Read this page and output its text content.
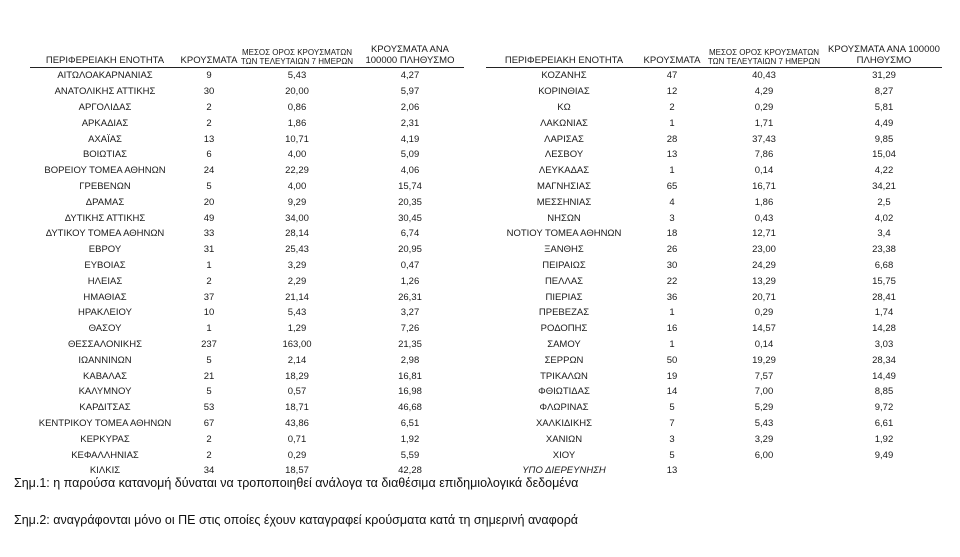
ΠΕΡΙΦΕΡΕΙΑΚΗ ΕΝΟΤΗΤΑ	ΚΡΟΥΣΜΑΤΑ	ΜΕΣΟΣ ΟΡΟΣ ΚΡΟΥΣΜΑΤΩΝ ΤΩΝ ΤΕΛΕΥΤΑΙΩΝ 7 ΗΜΕΡΩΝ	ΚΡΟΥΣΜΑΤΑ ΑΝΑ 100000 ΠΛΗΘΥΣΜΟ
ΑΙΤΩΛΟΑΚΑΡΝΑΝΙΑΣ	9	5,43	4,27
ΑΝΑΤΟΛΙΚΗΣ ΑΤΤΙΚΗΣ	30	20,00	5,97
ΑΡΓΟΛΙΔΑΣ	2	0,86	2,06
ΑΡΚΑΔΙΑΣ	2	1,86	2,31
ΑΧΑΪΑΣ	13	10,71	4,19
ΒΟΙΩΤΙΑΣ	6	4,00	5,09
ΒΟΡΕΙΟΥ ΤΟΜΕΑ ΑΘΗΝΩΝ	24	22,29	4,06
ΓΡΕΒΕΝΩΝ	5	4,00	15,74
ΔΡΑΜΑΣ	20	9,29	20,35
ΔΥΤΙΚΗΣ ΑΤΤΙΚΗΣ	49	34,00	30,45
ΔΥΤΙΚΟΥ ΤΟΜΕΑ ΑΘΗΝΩΝ	33	28,14	6,74
ΕΒΡΟΥ	31	25,43	20,95
ΕΥΒΟΙΑΣ	1	3,29	0,47
ΗΛΕΙΑΣ	2	2,29	1,26
ΗΜΑΘΙΑΣ	37	21,14	26,31
ΗΡΑΚΛΕΙΟΥ	10	5,43	3,27
ΘΑΣΟΥ	1	1,29	7,26
ΘΕΣΣΑΛΟΝΙΚΗΣ	237	163,00	21,35
ΙΩΑΝΝΙΝΩΝ	5	2,14	2,98
ΚΑΒΑΛΑΣ	21	18,29	16,81
ΚΑΛΥΜΝΟΥ	5	0,57	16,98
ΚΑΡΔΙΤΣΑΣ	53	18,71	46,68
ΚΕΝΤΡΙΚΟΥ ΤΟΜΕΑ ΑΘΗΝΩΝ	67	43,86	6,51
ΚΕΡΚΥΡΑΣ	2	0,71	1,92
ΚΕΦΑΛΛΗΝΙΑΣ	2	0,29	5,59
ΚΙΛΚΙΣ	34	18,57	42,28
ΠΕΡΙΦΕΡΕΙΑΚΗ ΕΝΟΤΗΤΑ	ΚΡΟΥΣΜΑΤΑ	ΜΕΣΟΣ ΟΡΟΣ ΚΡΟΥΣΜΑΤΩΝ ΤΩΝ ΤΕΛΕΥΤΑΙΩΝ 7 ΗΜΕΡΩΝ	ΚΡΟΥΣΜΑΤΑ ΑΝΑ 100000 ΠΛΗΘΥΣΜΟ
ΚΟΖΑΝΗΣ	47	40,43	31,29
ΚΟΡΙΝΘΙΑΣ	12	4,29	8,27
ΚΩ	2	0,29	5,81
ΛΑΚΩΝΙΑΣ	1	1,71	4,49
ΛΑΡΙΣΑΣ	28	37,43	9,85
ΛΕΣΒΟΥ	13	7,86	15,04
ΛΕΥΚΑΔΑΣ	1	0,14	4,22
ΜΑΓΝΗΣΙΑΣ	65	16,71	34,21
ΜΕΣΣΗΝΙΑΣ	4	1,86	2,5
ΝΗΣΩΝ	3	0,43	4,02
ΝΟΤΙΟΥ ΤΟΜΕΑ ΑΘΗΝΩΝ	18	12,71	3,4
ΞΑΝΘΗΣ	26	23,00	23,38
ΠΕΙΡΑΙΩΣ	30	24,29	6,68
ΠΕΛΛΑΣ	22	13,29	15,75
ΠΙΕΡΙΑΣ	36	20,71	28,41
ΠΡΕΒΕΖΑΣ	1	0,29	1,74
ΡΟΔΟΠΗΣ	16	14,57	14,28
ΣΑΜΟΥ	1	0,14	3,03
ΣΕΡΡΩΝ	50	19,29	28,34
ΤΡΙΚΑΛΩΝ	19	7,57	14,49
ΦΘΙΩΤΙΔΑΣ	14	7,00	8,85
ΦΛΩΡΙΝΑΣ	5	5,29	9,72
ΧΑΛΚΙΔΙΚΗΣ	7	5,43	6,61
ΧΑΝΙΩΝ	3	3,29	1,92
ΧΙΟΥ	5	6,00	9,49
ΥΠΟ ΔΙΕΡΕΥΝΗΣΗ	13		
Σημ.1: η παρούσα κατανομή δύναται να τροποποιηθεί ανάλογα τα διαθέσιμα επιδημιολογικά δεδομένα
Σημ.2: αναγράφονται μόνο οι ΠΕ στις οποίες έχουν καταγραφεί κρούσματα κατά τη σημερινή αναφορά
